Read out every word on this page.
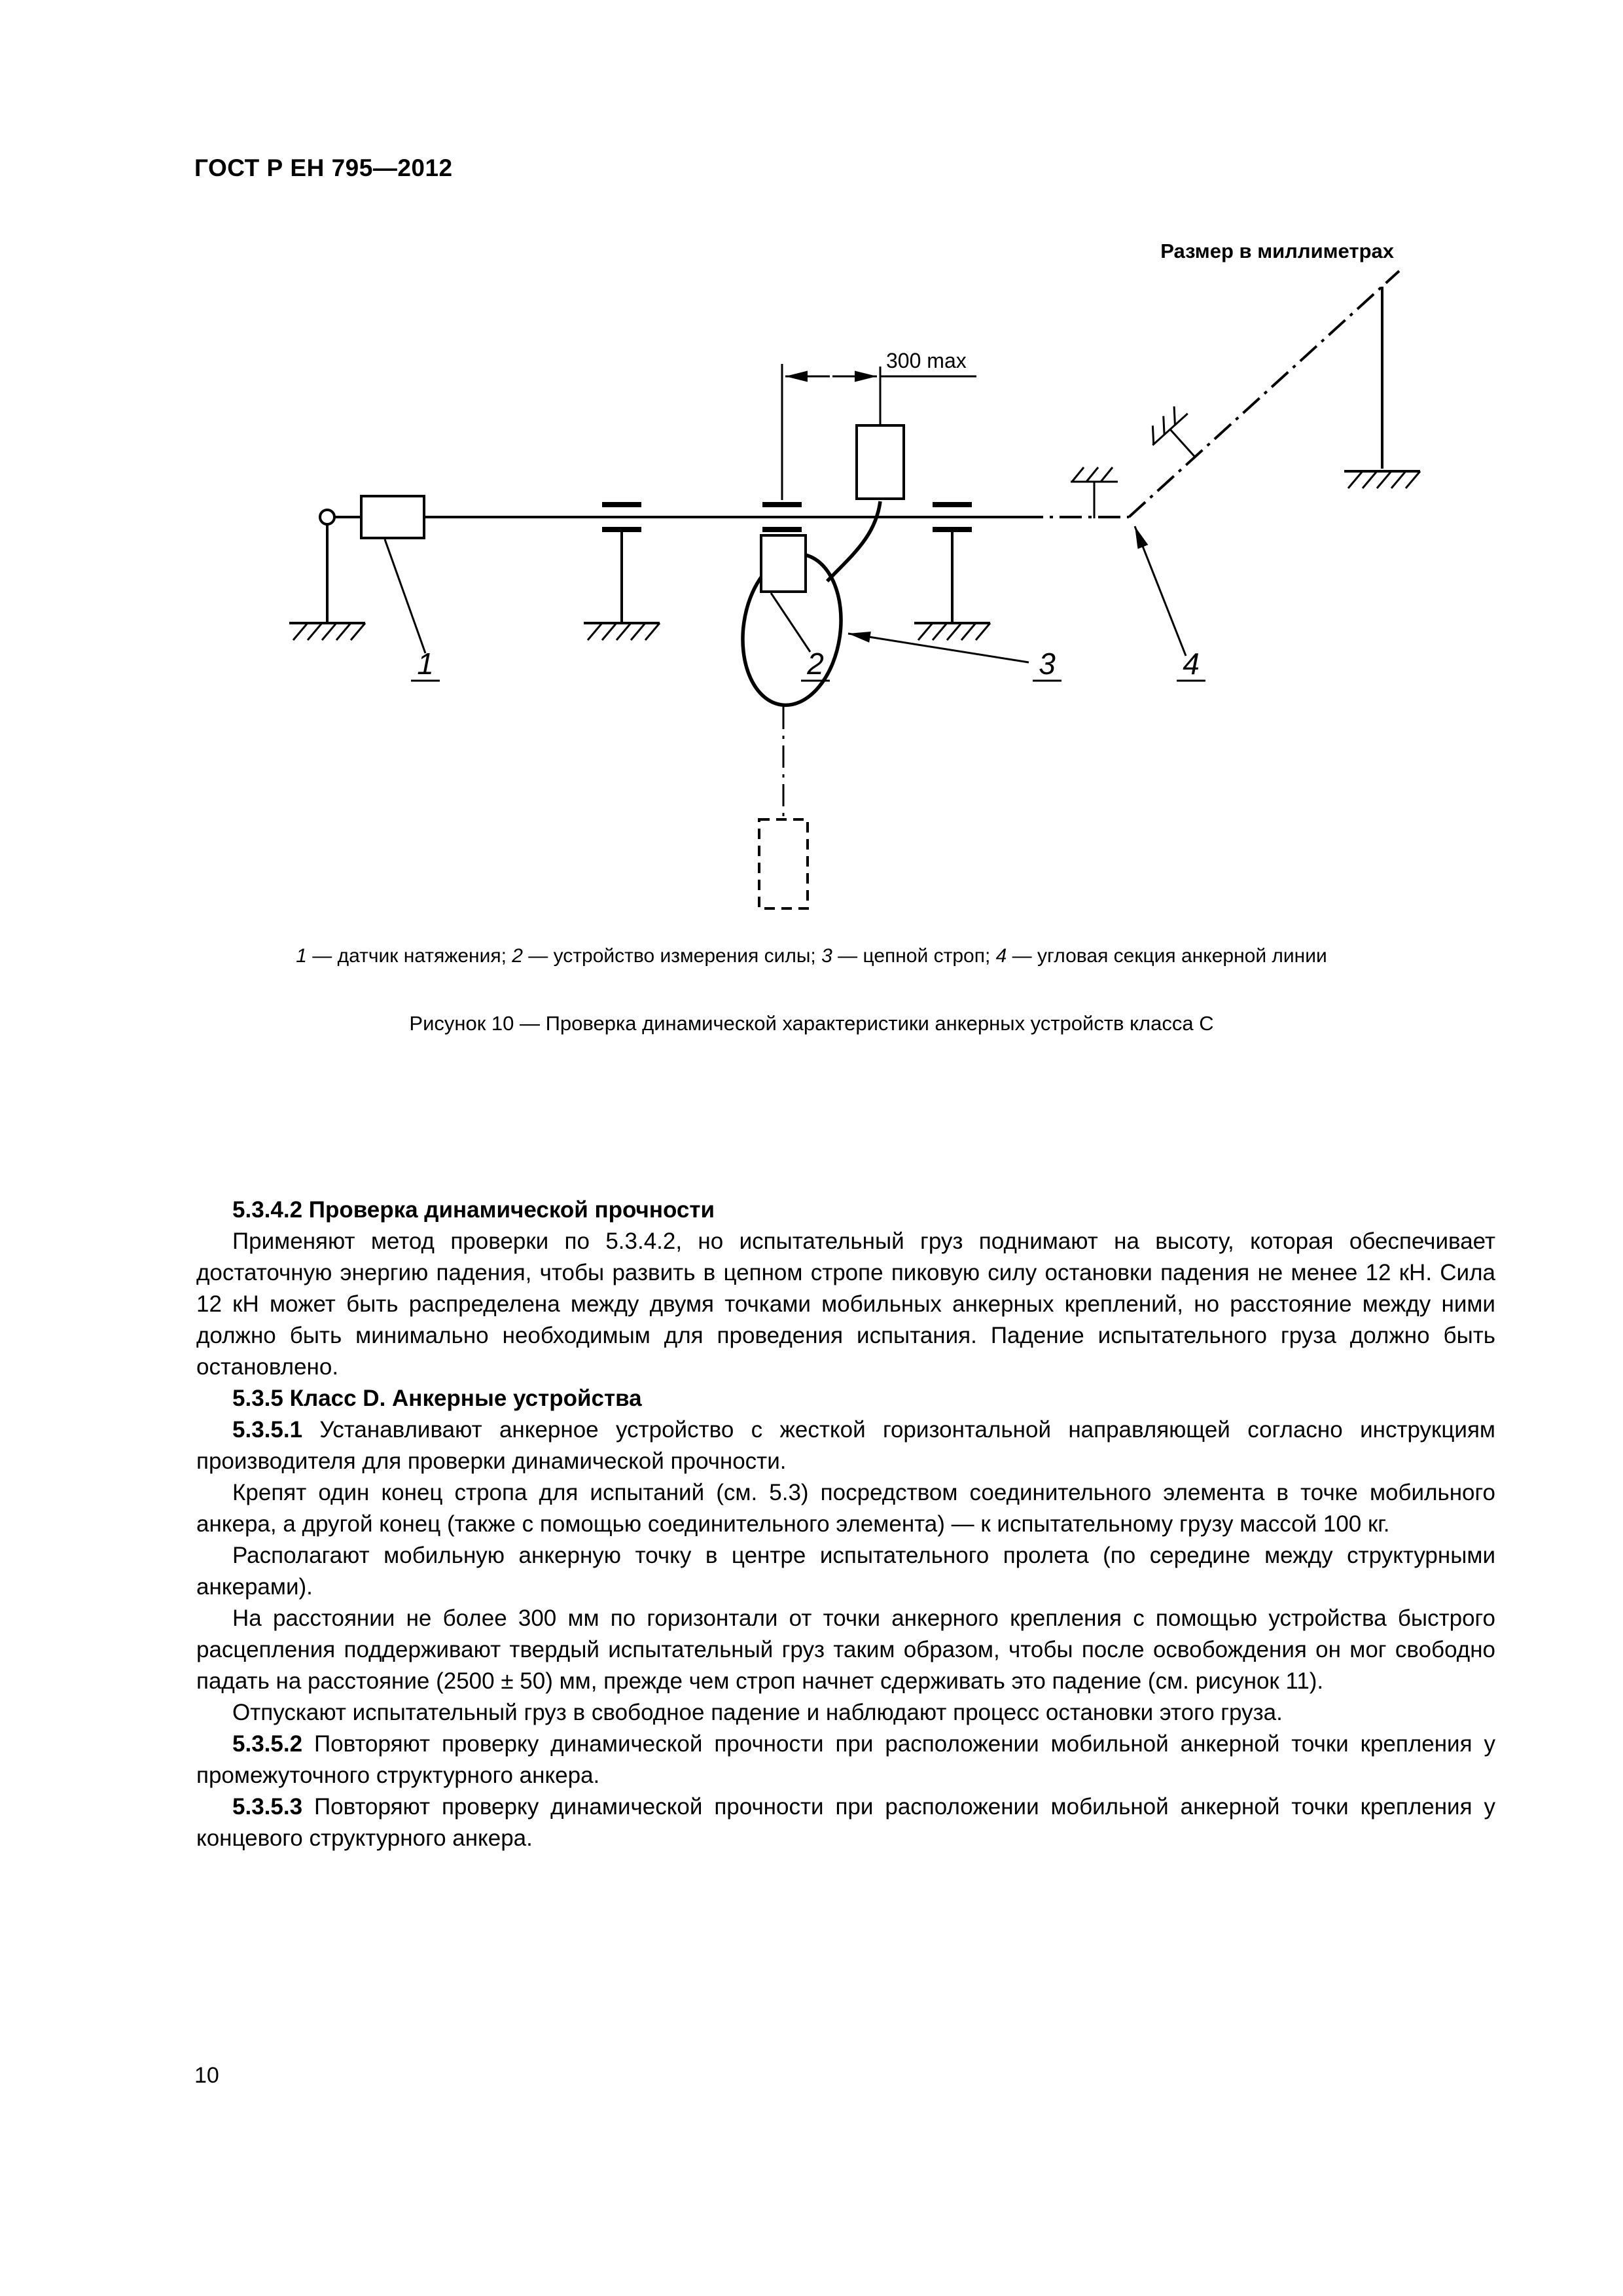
ГОСТ Р ЕН 795—2012
Размер в миллиметрах
300 max
1	2	3	4
1 — датчик натяжения; 2 — устройство измерения силы; 3 — цепной строп; 4 — угловая секция анкерной линии
Рисунок 10 — Проверка динамической характеристики анкерных устройств класса С

5.3.4.2 Проверка динамической прочности

Применяют метод проверки по 5.3.4.2, но испытательный груз поднимают на высоту, которая обеспечивает достаточную энергию падения, чтобы развить в цепном стропе пиковую силу остановки падения не менее 12 кН. Сила 12 кН может быть распределена между двумя точками мобильных анкерных креплений, но расстояние между ними должно быть минимально необходимым для проведения испытания. Падение испытательного груза должно быть остановлено.

5.3.5 Класс D. Анкерные устройства

5.3.5.1 Устанавливают анкерное устройство с жесткой горизонтальной направляющей согласно инструкциям производителя для проверки динамической прочности.

Крепят один конец стропа для испытаний (см. 5.3) посредством соединительного элемента в точке мобильного анкера, а другой конец (также с помощью соединительного элемента) — к испытательному грузу массой 100 кг.

Располагают мобильную анкерную точку в центре испытательного пролета (по середине между структурными анкерами).

На расстоянии не более 300 мм по горизонтали от точки анкерного крепления с помощью устройства быстрого расцепления поддерживают твердый испытательный груз таким образом, чтобы после освобождения он мог свободно падать на расстояние (2500 ± 50) мм, прежде чем строп начнет сдерживать это падение (см. рисунок 11).

Отпускают испытательный груз в свободное падение и наблюдают процесс остановки этого груза.

5.3.5.2 Повторяют проверку динамической прочности при расположении мобильной анкерной точки крепления у промежуточного структурного анкера.

5.3.5.3 Повторяют проверку динамической прочности при расположении мобильной анкерной точки крепления у концевого структурного анкера.

10
